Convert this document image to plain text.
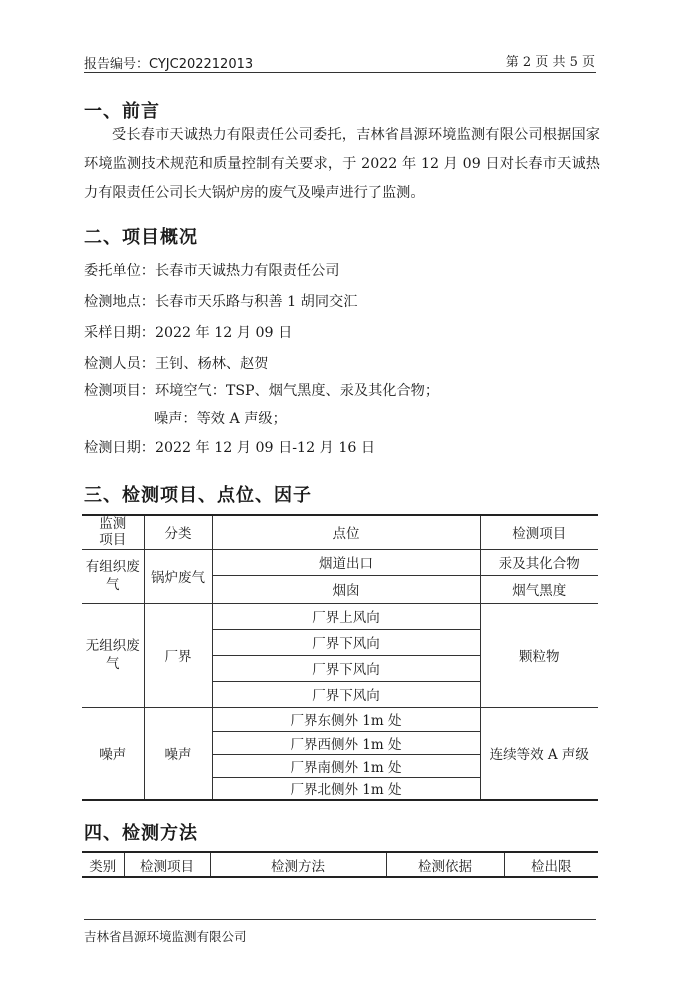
报告编号：CYJC202212013	第 2 页 共 5 页
一、前言
受长春市天诚热力有限责任公司委托，吉林省昌源环境监测有限公司根据国家环境监测技术规范和质量控制有关要求，于 2022 年 12 月 09 日对长春市天诚热力有限责任公司长大锅炉房的废气及噪声进行了监测。
二、项目概况
委托单位：长春市天诚热力有限责任公司
检测地点：长春市天乐路与积善 1 胡同交汇
采样日期：2022 年 12 月 09 日
检测人员：王钊、杨林、赵贺
检测项目：环境空气：TSP、烟气黑度、汞及其化合物；
噪声：等效 A 声级；
检测日期：2022 年 12 月 09 日-12 月 16 日
三、检测项目、点位、因子
监测项目	分类	点位	检测项目

有组织废气	锅炉废气	烟道出口	汞及其化合物
		烟囱	烟气黑度

无组织废气	厂界	厂界上风向	颗粒物
		厂界下风向	
		厂界下风向	
		厂界下风向	
噪声	噪声	厂界东侧外 1m 处	连续等效 A 声级
		厂界西侧外 1m 处	
		厂界南侧外 1m 处	
		厂界北侧外 1m 处	
四、检测方法
类别	检测项目	检测方法	检测依据	检出限
吉林省昌源环境监测有限公司
